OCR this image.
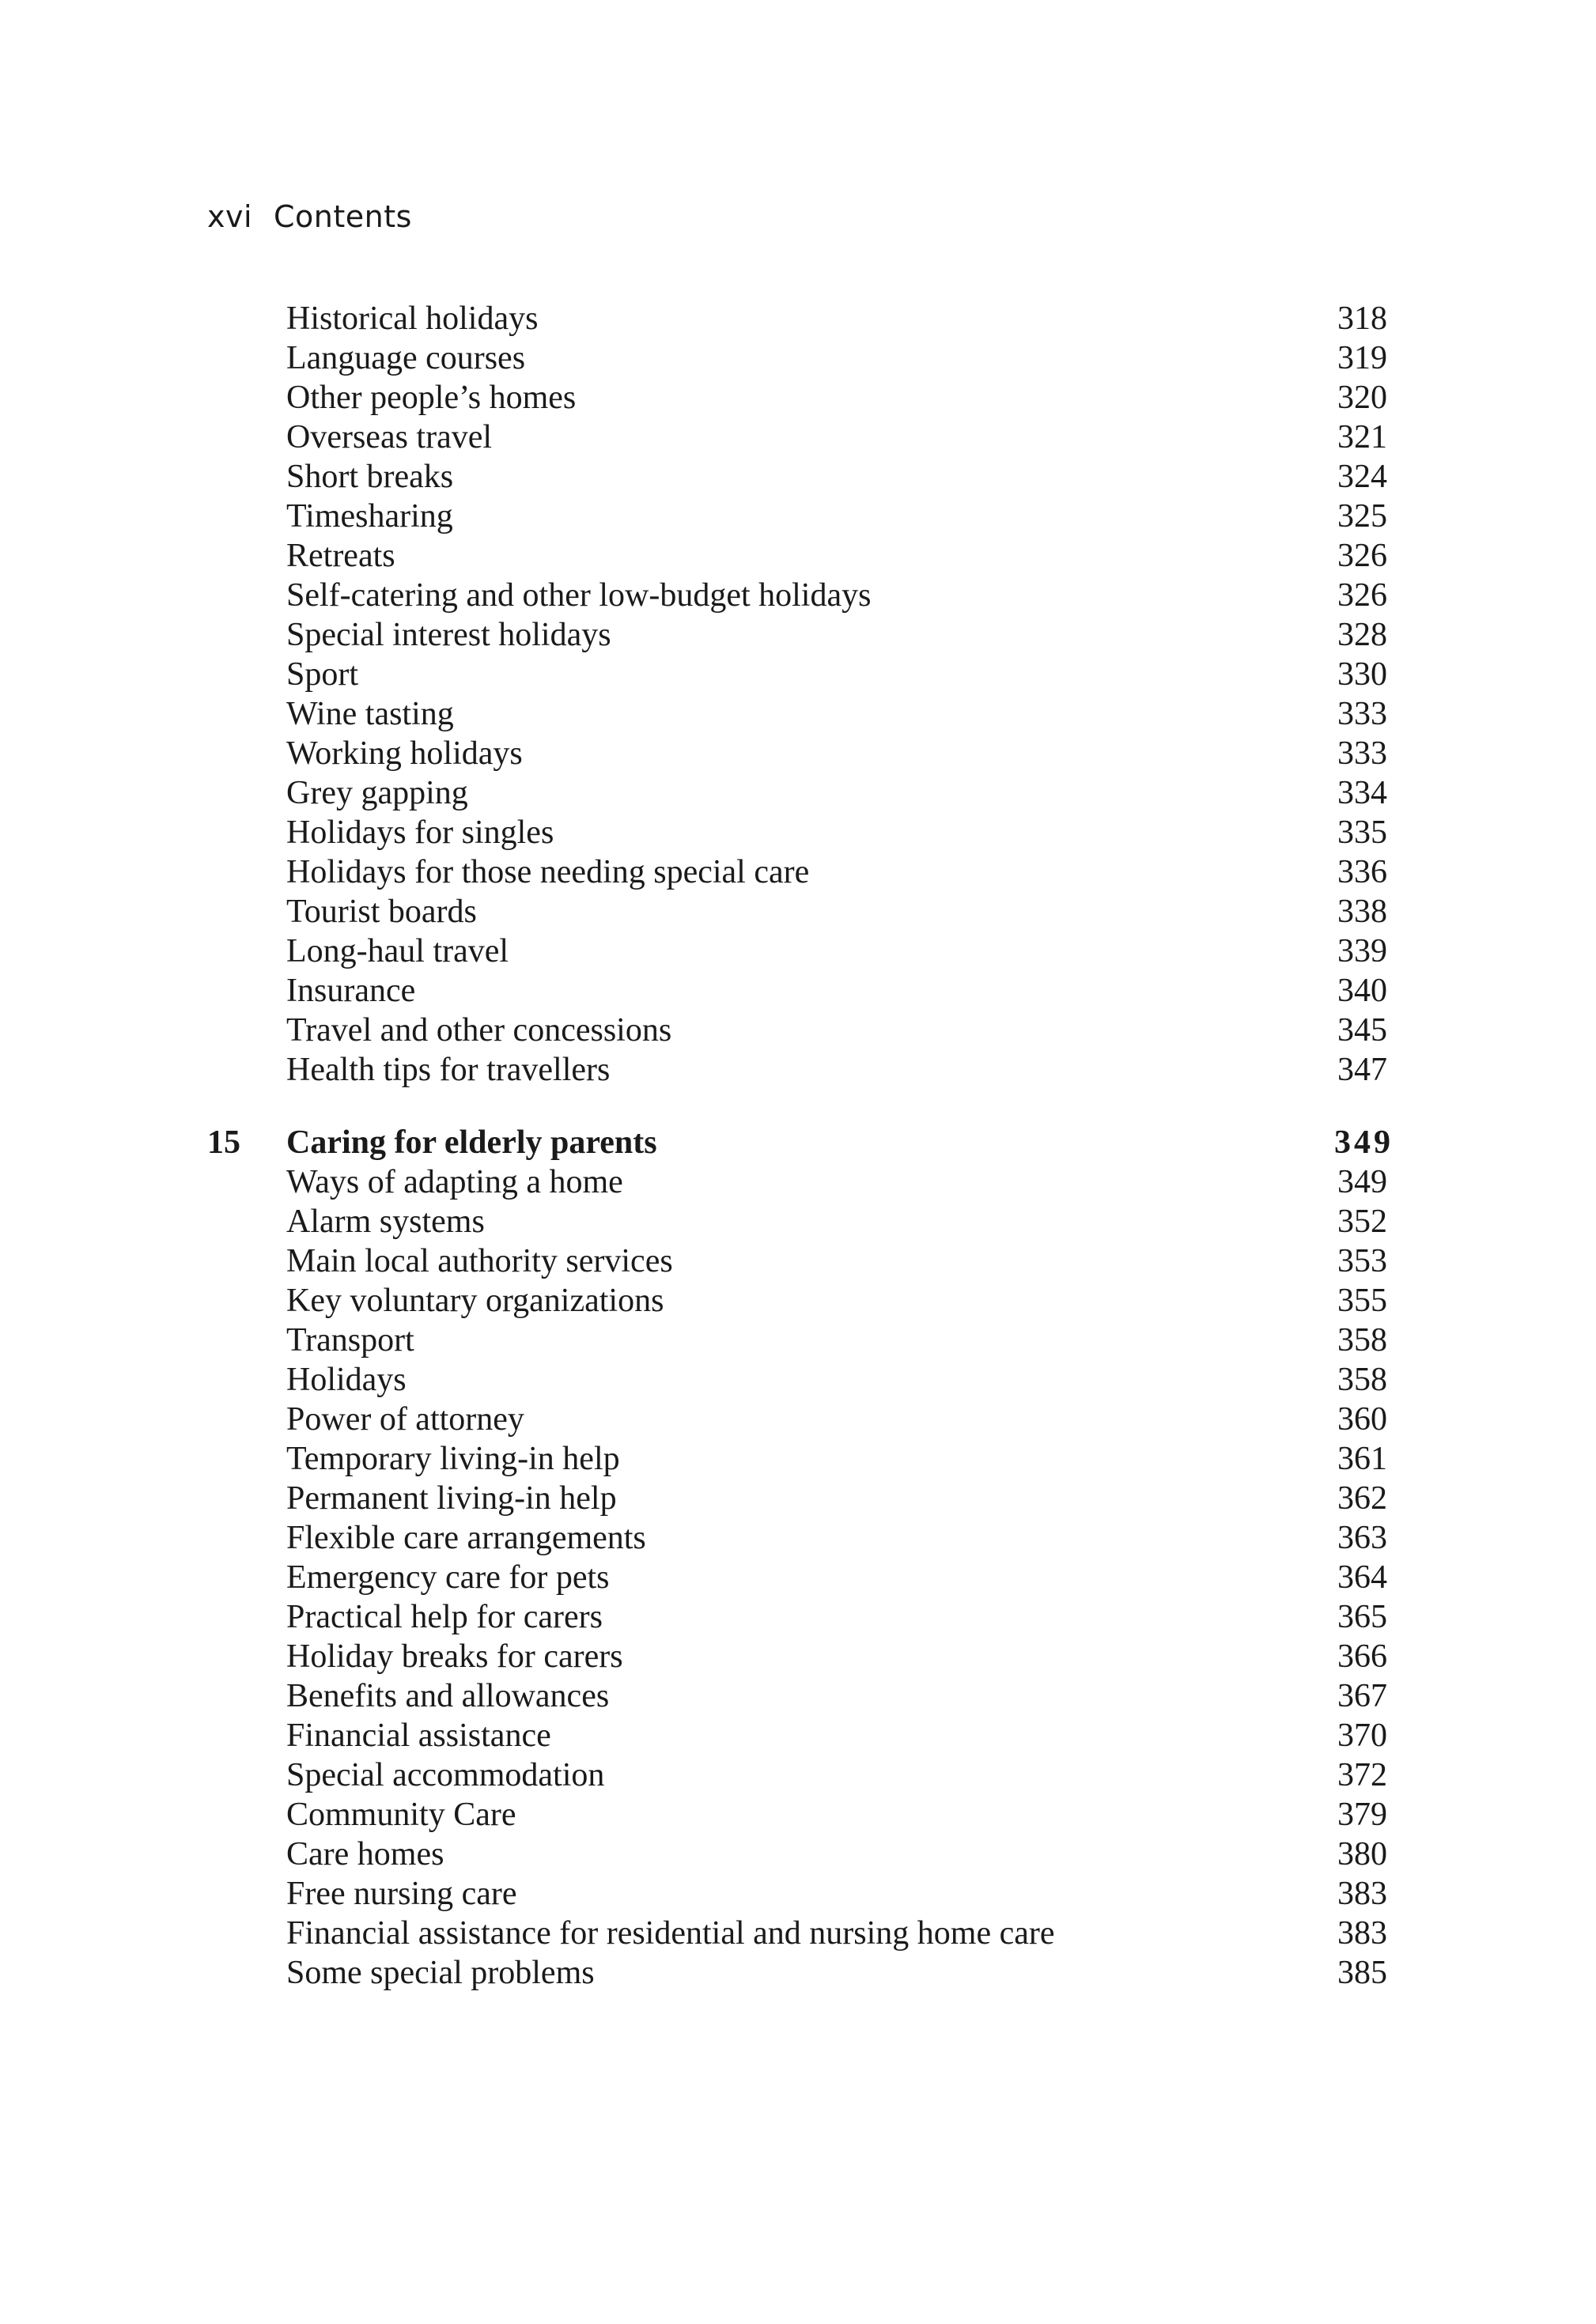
xvi Contents
Historical holidays	318
Language courses	319
Other people’s homes	320
Overseas travel	321
Short breaks	324
Timesharing	325
Retreats	326
Self-catering and other low-budget holidays	326
Special interest holidays	328
Sport	330
Wine tasting	333
Working holidays	333
Grey gapping	334
Holidays for singles	335
Holidays for those needing special care	336
Tourist boards	338
Long-haul travel	339
Insurance	340
Travel and other concessions	345
Health tips for travellers	347
15	Caring for elderly parents	349
Ways of adapting a home	349
Alarm systems	352
Main local authority services	353
Key voluntary organizations	355
Transport	358
Holidays	358
Power of attorney	360
Temporary living-in help	361
Permanent living-in help	362
Flexible care arrangements	363
Emergency care for pets	364
Practical help for carers	365
Holiday breaks for carers	366
Benefits and allowances	367
Financial assistance	370
Special accommodation	372
Community Care	379
Care homes	380
Free nursing care	383
Financial assistance for residential and nursing home care	383
Some special problems	385
